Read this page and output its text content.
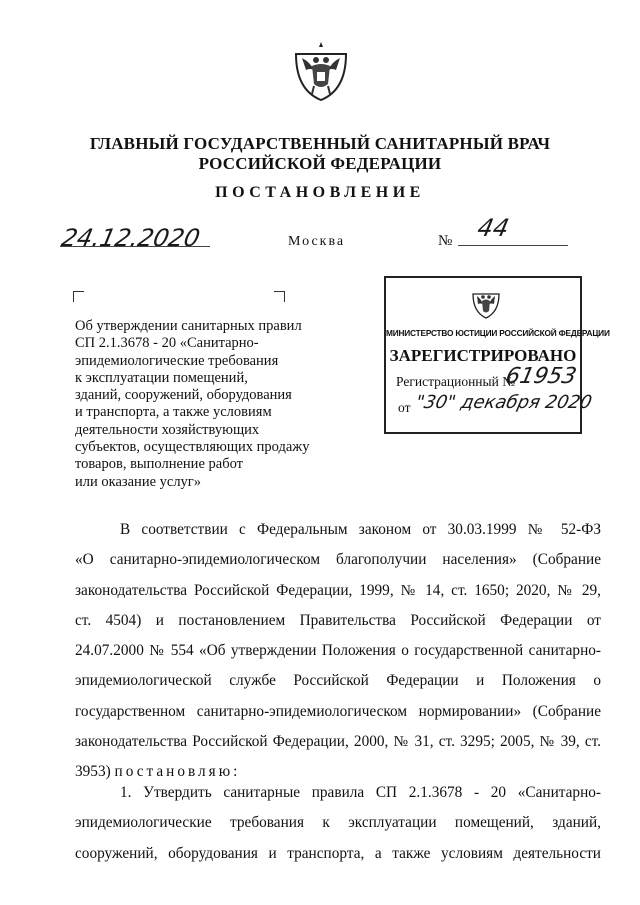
ГЛАВНЫЙ ГОСУДАРСТВЕННЫЙ САНИТАРНЫЙ ВРАЧ
РОССИЙСКОЙ ФЕДЕРАЦИИ
ПОСТАНОВЛЕНИЕ
24.12.2020	Москва	№ 44
Об утверждении санитарных правил
СП 2.1.3678 - 20 «Санитарно-
эпидемиологические требования
к эксплуатации помещений,
зданий, сооружений, оборудования
и транспорта, а также условиям
деятельности хозяйствующих
субъектов, осуществляющих продажу
товаров, выполнение работ
или оказание услуг»
МИНИСТЕРСТВО ЮСТИЦИИ РОССИЙСКОЙ ФЕДЕРАЦИИ
ЗАРЕГИСТРИРОВАНО
Регистрационный №
61953
от "30" декабря 2020
В соответствии с Федеральным законом от 30.03.1999 № 52-ФЗ
«О санитарно-эпидемиологическом благополучии населения» (Собрание
законодательства Российской Федерации, 1999, № 14, ст. 1650; 2020, № 29,
ст. 4504) и постановлением Правительства Российской Федерации от
24.07.2000 № 554 «Об утверждении Положения о государственной санитарно-
эпидемиологической службе Российской Федерации и Положения о
государственном санитарно-эпидемиологическом нормировании» (Собрание
законодательства Российской Федерации, 2000, № 31, ст. 3295; 2005, № 39, ст.
3953) постановляю:
1. Утвердить санитарные правила СП 2.1.3678 - 20 «Санитарно-
эпидемиологические требования к эксплуатации помещений, зданий,
сооружений, оборудования и транспорта, а также условиям деятельности
